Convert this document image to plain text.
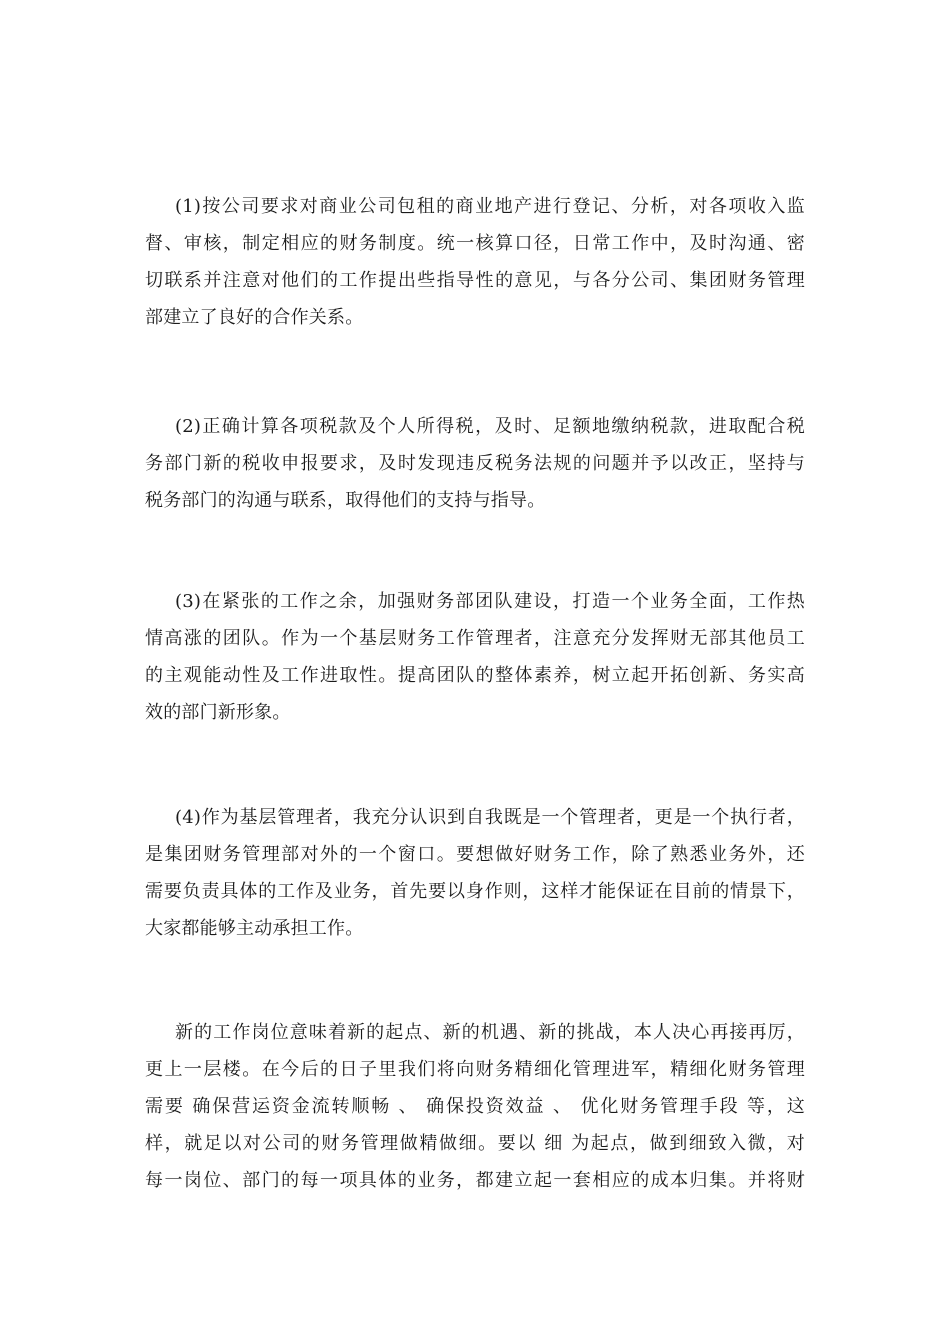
(1)按公司要求对商业公司包租的商业地产进行登记、分析，对各项收入监
督、审核，制定相应的财务制度。统一核算口径，日常工作中，及时沟通、密
切联系并注意对他们的工作提出些指导性的意见，与各分公司、集团财务管理
部建立了良好的合作关系。
(2)正确计算各项税款及个人所得税，及时、足额地缴纳税款，进取配合税
务部门新的税收申报要求，及时发现违反税务法规的问题并予以改正，坚持与
税务部门的沟通与联系，取得他们的支持与指导。
(3)在紧张的工作之余，加强财务部团队建设，打造一个业务全面，工作热
情高涨的团队。作为一个基层财务工作管理者，注意充分发挥财无部其他员工
的主观能动性及工作进取性。提高团队的整体素养，树立起开拓创新、务实高
效的部门新形象。
(4)作为基层管理者，我充分认识到自我既是一个管理者，更是一个执行者，
是集团财务管理部对外的一个窗口。要想做好财务工作，除了熟悉业务外，还
需要负责具体的工作及业务，首先要以身作则，这样才能保证在目前的情景下，
大家都能够主动承担工作。
新的工作岗位意味着新的起点、新的机遇、新的挑战，本人决心再接再厉，
更上一层楼。在今后的日子里我们将向财务精细化管理进军，精细化财务管理
需要 确保营运资金流转顺畅 、 确保投资效益 、 优化财务管理手段 等，这
样，就足以对公司的财务管理做精做细。要以 细 为起点，做到细致入微，对
每一岗位、部门的每一项具体的业务，都建立起一套相应的成本归集。并将财
